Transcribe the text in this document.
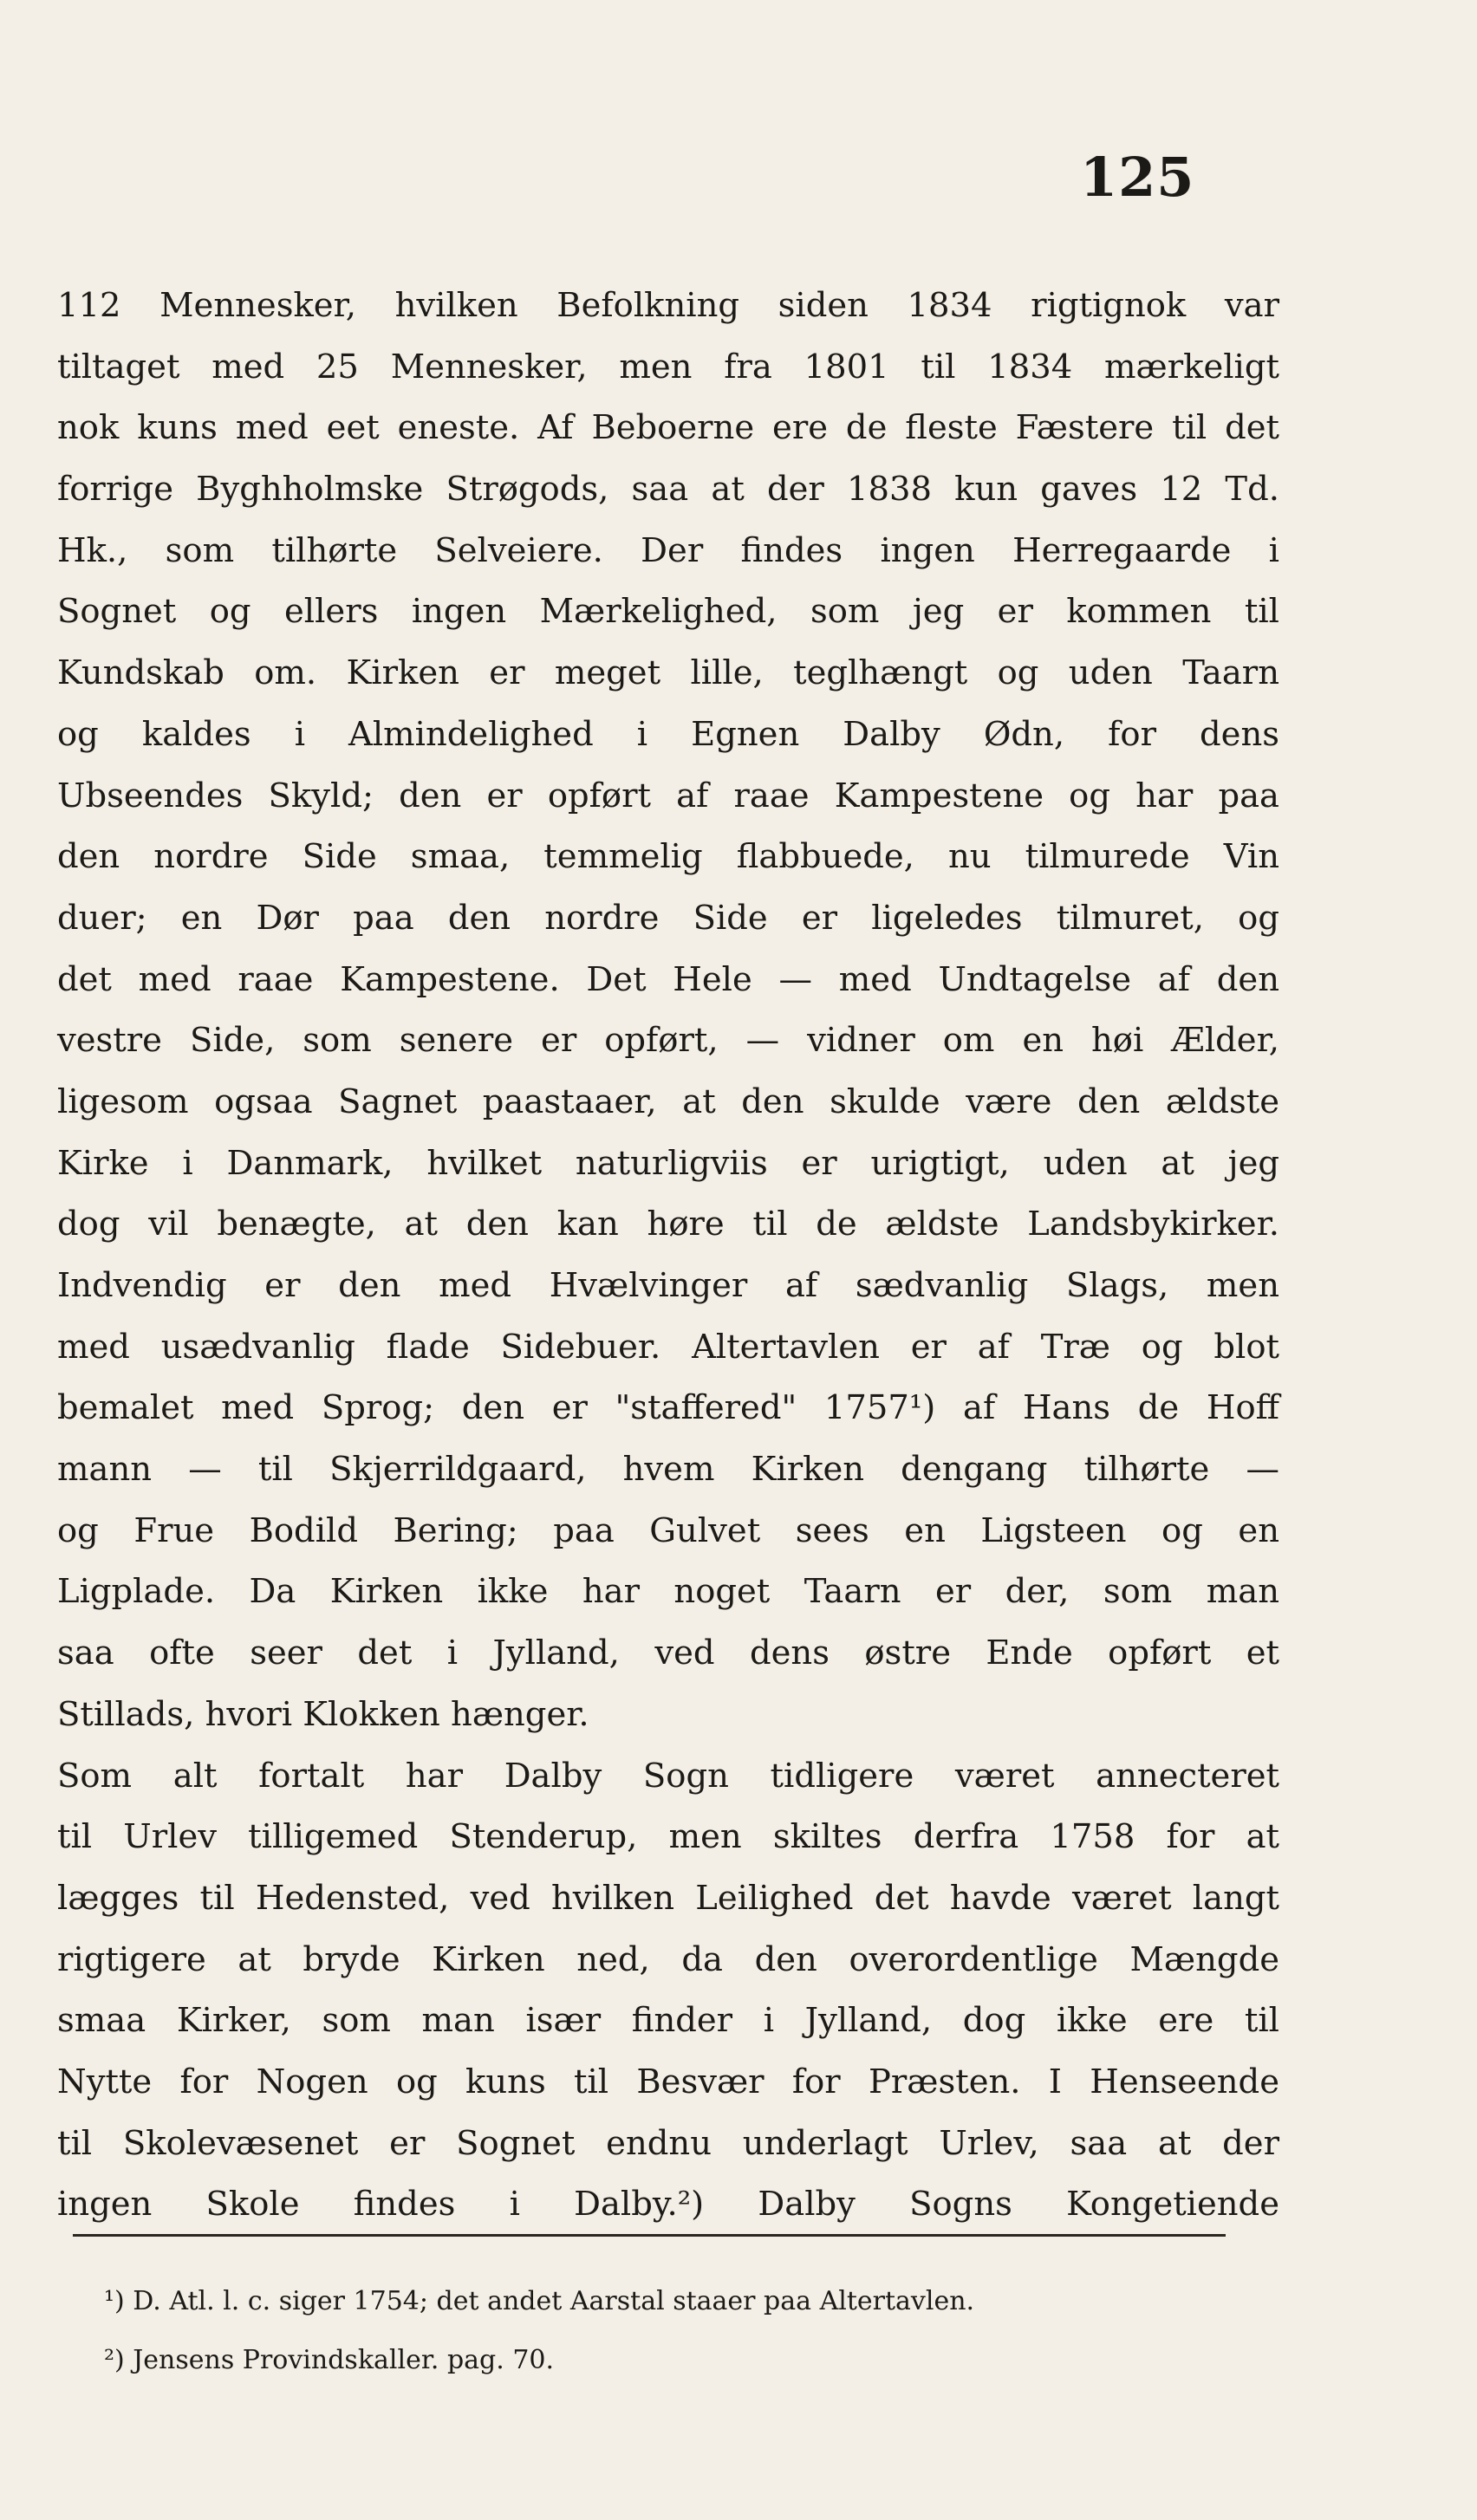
125
112 Mennesker, hvilken Befolkning siden 1834 rigtignok var
tiltaget med 25 Mennesker, men fra 1801 til 1834 mærkeligt
nok kuns med eet eneste. Af Beboerne ere de fleste Fæstere til det
forrige Byghholmske Strøgods, saa at der 1838 kun gaves 12 Td.
Hk., som tilhørte Selveiere. Der findes ingen Herregaarde i
Sognet og ellers ingen Mærkelighed, som jeg er kommen til
Kundskab om. Kirken er meget lille, teglhængt og uden Taarn
og kaldes i Almindelighed i Egnen Dalby Ødn, for dens
Ubseendes Skyld; den er opført af raae Kampestene og har paa
den nordre Side smaa, temmelig flabbuede, nu tilmurede Vin
duer; en Dør paa den nordre Side er ligeledes tilmuret, og
det med raae Kampestene. Det Hele — med Undtagelse af den
vestre Side, som senere er opført, — vidner om en høi Ælder,
ligesom ogsaa Sagnet paastaaer, at den skulde være den ældste
Kirke i Danmark, hvilket naturligviis er urigtigt, uden at jeg
dog vil benægte, at den kan høre til de ældste Landsbykirker.
Indvendig er den med Hvælvinger af sædvanlig Slags, men
med usædvanlig flade Sidebuer. Altertavlen er af Træ og blot
bemalet med Sprog; den er "staffered" 1757¹) af Hans de Hoff
mann — til Skjerrildgaard, hvem Kirken dengang tilhørte —
og Frue Bodild Bering; paa Gulvet sees en Ligsteen og en
Ligplade. Da Kirken ikke har noget Taarn er der, som man
saa ofte seer det i Jylland, ved dens østre Ende opført et
Stillads, hvori Klokken hænger.
Som alt fortalt har Dalby Sogn tidligere været annecteret
til Urlev tilligemed Stenderup, men skiltes derfra 1758 for at
lægges til Hedensted, ved hvilken Leilighed det havde været langt
rigtigere at bryde Kirken ned, da den overordentlige Mængde
smaa Kirker, som man især finder i Jylland, dog ikke ere til
Nytte for Nogen og kuns til Besvær for Præsten. I Henseende
til Skolevæsenet er Sognet endnu underlagt Urlev, saa at der
ingen Skole findes i Dalby.²) Dalby Sogns Kongetiende
¹) D. Atl. l. c. siger 1754; det andet Aarstal staaer paa Altertavlen.
²) Jensens Provindskaller. pag. 70.
